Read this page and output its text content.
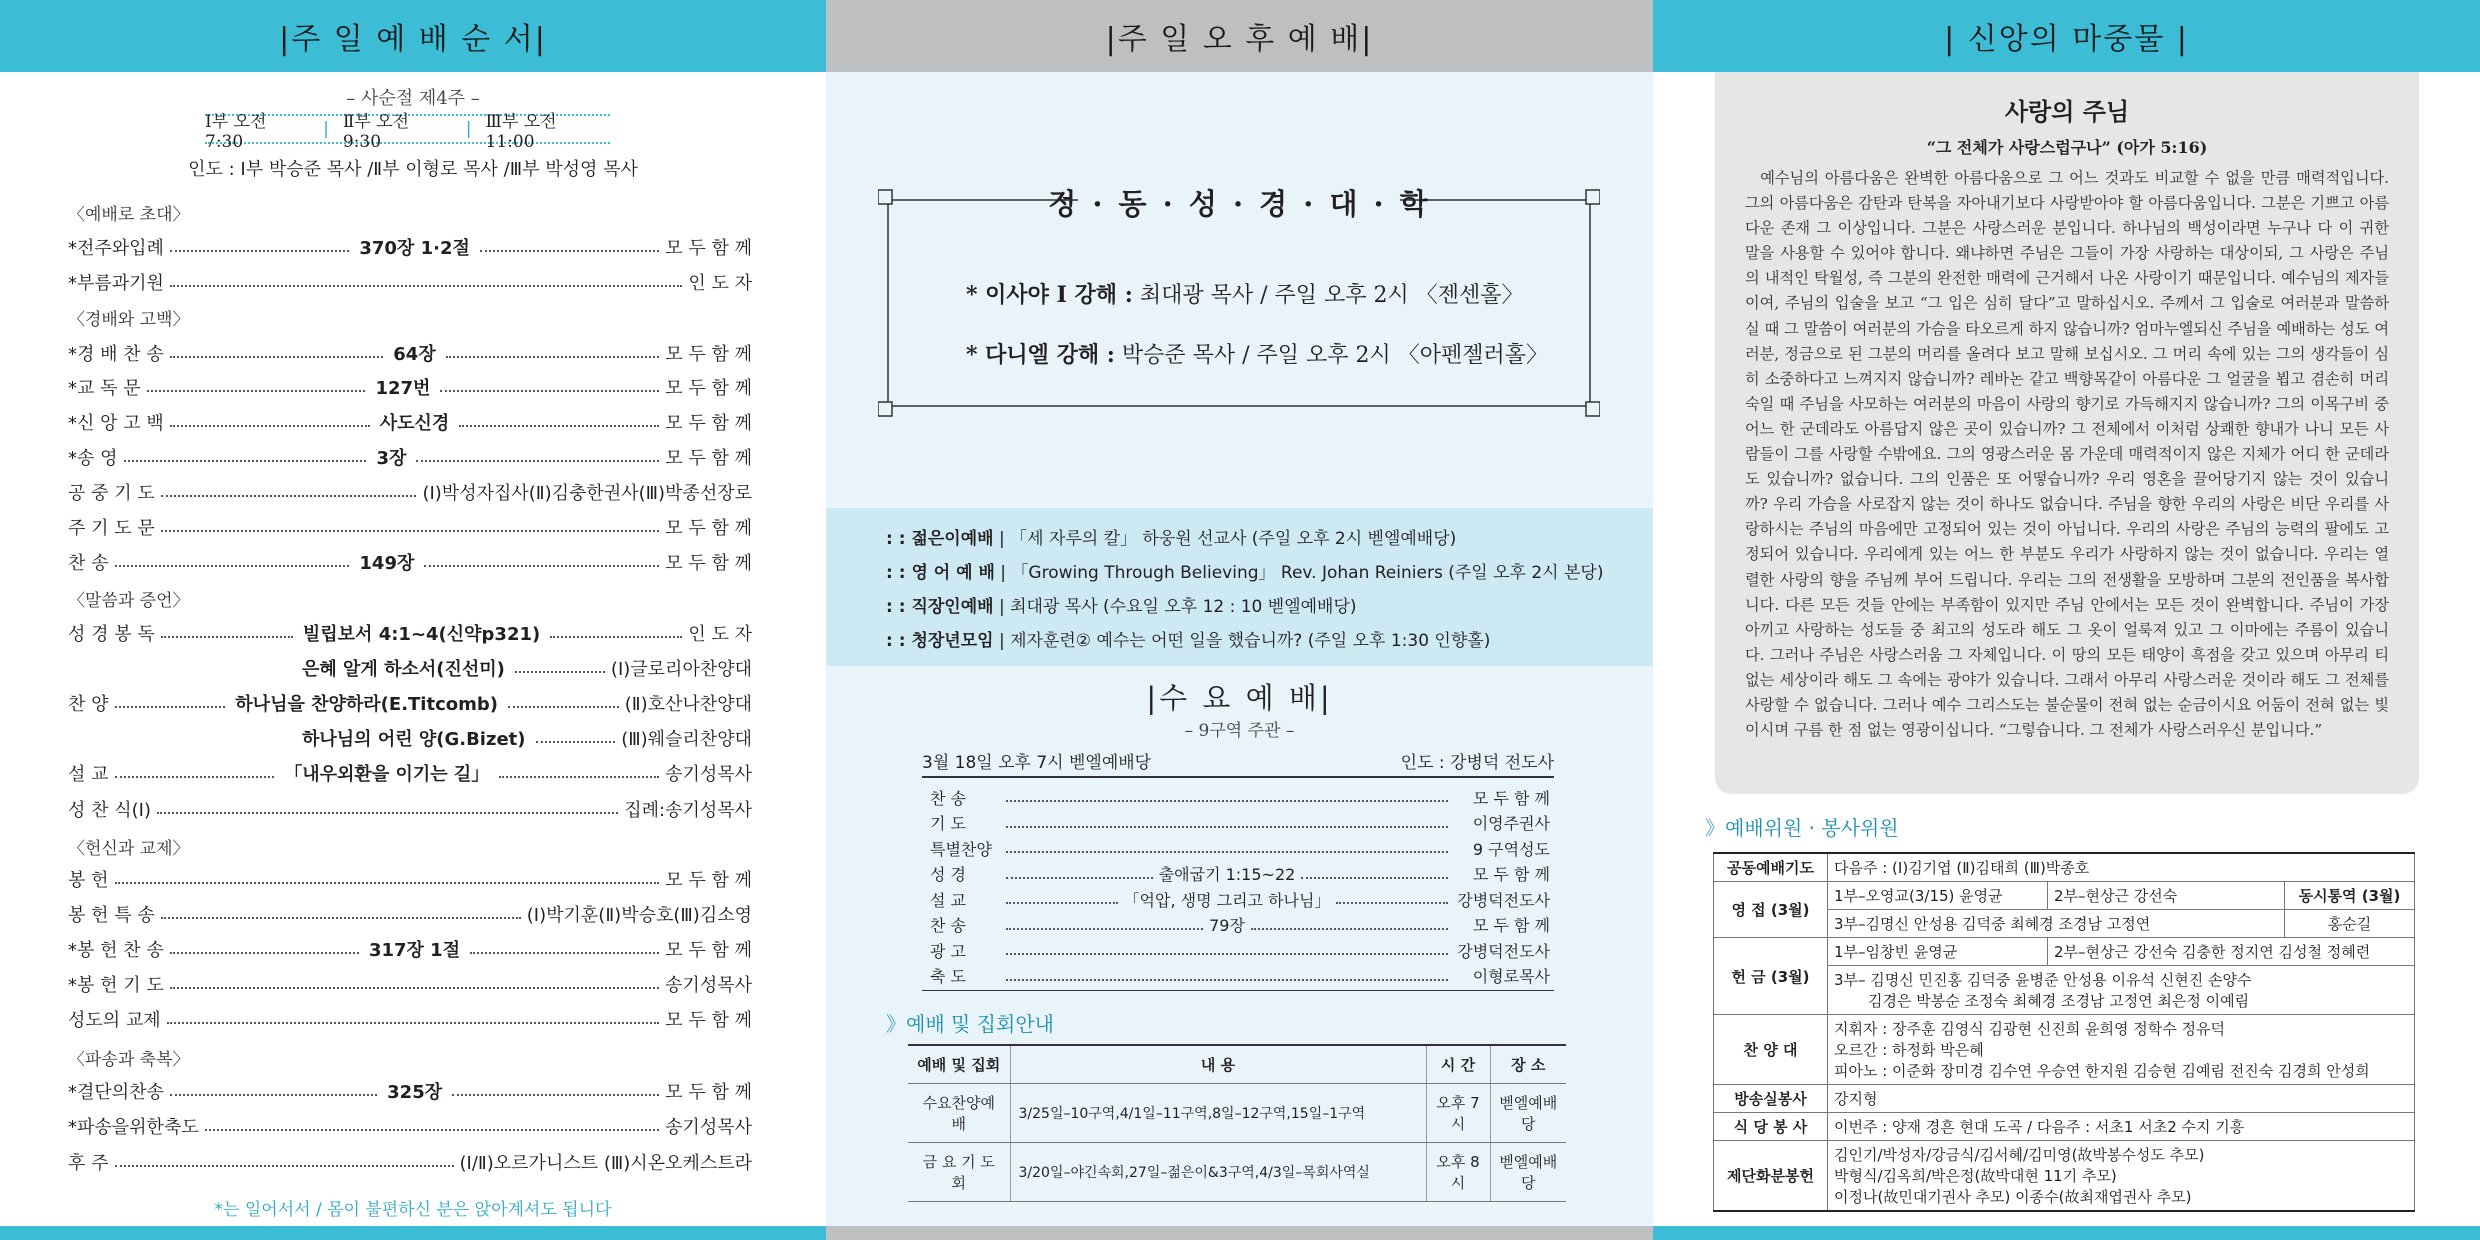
|주 일 예 배 순 서|
– 사순절 제4주 –
Ⅰ부 오전 7:30
| Ⅱ부 오전 9:30
| Ⅲ부 오전 11:00
인도 : Ⅰ부 박승준 목사 /Ⅱ부 이형로 목사 /Ⅲ부 박성영 목사
〈예배로 초대〉
*전주와입례	370장 1·2절	모 두 함 께
*부름과기원	인 도 자
*경 배 찬 송	64장	모 두 함 께
*교 독 문	127번	모 두 함 께
*신 앙 고 백	사도신경	모 두 함 께
*송 영	3장	모 두 함 께
공 중 기 도	(Ⅰ)박성자집사(Ⅱ)김충한권사(Ⅲ)박종선장로
주 기 도 문	모 두 함 께
찬 송	149장	모 두 함 께
성 경 봉 독	빌립보서 4:1~4(신약p321)	인 도 자
은혜 알게 하소서(진선미)	(Ⅰ)글로리아찬양대
찬 양	하나님을 찬양하라(E.Titcomb)	(Ⅱ)호산나찬양대
하나님의 어린 양(G.Bizet)	(Ⅲ)웨슬리찬양대
설 교	「내우외환을 이기는 길」	송기성목사
성 찬 식(Ⅰ)	집례:송기성목사
봉 헌	모 두 함 께
봉 헌 특 송	(Ⅰ)박기훈(Ⅱ)박승호(Ⅲ)김소영
*봉 헌 찬 송	317장 1절	모 두 함 께
*봉 헌 기 도	송기성목사
성도의 교제	모 두 함 께
*결단의찬송	325장	모 두 함 께
*파송을위한축도	송기성목사
후 주	(Ⅰ/Ⅱ)오르가니스트 (Ⅲ)시온오케스트라
〈경배와 고백〉
〈말씀과 증언〉
〈헌신과 교제〉
〈파송과 축복〉
*는 일어서서 / 몸이 불편하신 분은 앉아계셔도 됩니다
|주 일 오 후 예 배|
정 · 동 · 성 · 경 · 대 · 학
* 이사야 Ⅰ 강해 : 최대광 목사 / 주일 오후 2시 〈젠센홀〉
* 다니엘 강해 : 박승준 목사 / 주일 오후 2시 〈아펜젤러홀〉
: : 젊은이예배 | 「세 자루의 칼」 하웅원 선교사 (주일 오후 2시 벧엘예배당)
: : 영 어 예 배 | 「Growing Through Believing」 Rev. Johan Reiniers (주일 오후 2시 본당)
: : 직장인예배 | 최대광 목사 (수요일 오후 12 : 10 벧엘예배당)
: : 청장년모임 | 제자훈련② 예수는 어떤 일을 했습니까? (주일 오후 1:30 인향홀)
|수 요 예 배|
– 9구역 주관 –
3월 18일 오후 7시 벧엘예배당	인도 : 강병덕 전도사
찬 송	모 두 함 께
기 도	이영주권사
특별찬양	9 구역성도
성 경	출애굽기 1:15~22	모 두 함 께
설 교	「억압, 생명 그리고 하나님」	강병덕전도사
찬 송	79장	모 두 함 께
광 고	강병덕전도사
축 도	이형로목사
》예배 및 집회안내
예배 및 집회	내 용	시 간	장 소
수요찬양예배	3/25일–10구역,4/1일–11구역,8일–12구역,15일–1구역	오후 7시	벧엘예배당
금 요 기 도 회	3/20일–야긴속회,27일–젊은이&3구역,4/3일–목회사역실	오후 8시	벧엘예배당
| 신앙의 마중물 |
사랑의 주님
“그 전체가 사랑스럽구나” (아가 5:16)
예수님의 아름다움은 완벽한 아름다움으로 그 어느 것과도 비교할 수 없을 만큼 매력적입니다. 그의 아름다움은 감탄과 탄복을 자아내기보다 사랑받아야 할 아름다움입니다. 그분은 기쁘고 아름다운 존재 그 이상입니다. 그분은 사랑스러운 분입니다. 하나님의 백성이라면 누구나 다 이 귀한 말을 사용할 수 있어야 합니다. 왜냐하면 주님은 그들이 가장 사랑하는 대상이되, 그 사랑은 주님의 내적인 탁월성, 즉 그분의 완전한 매력에 근거해서 나온 사랑이기 때문입니다. 예수님의 제자들이여, 주님의 입술을 보고 “그 입은 심히 달다”고 말하십시오. 주께서 그 입술로 여러분과 말씀하실 때 그 말씀이 여러분의 가슴을 타오르게 하지 않습니까? 엄마누엘되신 주님을 예배하는 성도 여러분, 정금으로 된 그분의 머리를 올려다 보고 말해 보십시오. 그 머리 속에 있는 그의 생각들이 심히 소중하다고 느껴지지 않습니까? 레바논 같고 백향목같이 아름다운 그 얼굴을 뵙고 겸손히 머리 숙일 때 주님을 사모하는 여러분의 마음이 사랑의 향기로 가득해지지 않습니까? 그의 이목구비 중 어느 한 군데라도 아름답지 않은 곳이 있습니까? 그 전체에서 이처럼 상쾌한 향내가 나니 모든 사람들이 그를 사랑할 수밖에요. 그의 영광스러운 몸 가운데 매력적이지 않은 지체가 어디 한 군데라도 있습니까? 없습니다. 그의 인품은 또 어떻습니까? 우리 영혼을 끌어당기지 않는 것이 있습니까? 우리 가슴을 사로잡지 않는 것이 하나도 없습니다. 주님을 향한 우리의 사랑은 비단 우리를 사랑하시는 주님의 마음에만 고정되어 있는 것이 아닙니다. 우리의 사랑은 주님의 능력의 팔에도 고정되어 있습니다. 우리에게 있는 어느 한 부분도 우리가 사랑하지 않는 것이 없습니다. 우리는 열렬한 사랑의 향을 주님께 부어 드립니다. 우리는 그의 전생활을 모방하며 그분의 전인품을 복사합니다. 다른 모든 것들 안에는 부족함이 있지만 주님 안에서는 모든 것이 완벽합니다. 주님이 가장 아끼고 사랑하는 성도들 중 최고의 성도라 해도 그 옷이 얼룩져 있고 그 이마에는 주름이 있습니다. 그러나 주님은 사랑스러움 그 자체입니다. 이 땅의 모든 태양이 흑점을 갖고 있으며 아무리 티없는 세상이라 해도 그 속에는 광야가 있습니다. 그래서 아무리 사랑스러운 것이라 해도 그 전체를 사랑할 수 없습니다. 그러나 예수 그리스도는 불순물이 전혀 없는 순금이시요 어둠이 전혀 없는 빛이시며 구름 한 점 없는 영광이십니다. “그렇습니다. 그 전체가 사랑스러우신 분입니다.”
》예배위원 · 봉사위원
공동예배기도	다음주 : (Ⅰ)김기엽 (Ⅱ)김태희 (Ⅲ)박종호		
영 접 (3월)	1부–오영교(3/15) 윤영균	2부–현상근 강선숙	동시통역 (3월)
	3부–김명신 안성용 김덕중 최혜경 조경남 고정연		홍순길
헌 금 (3월)	1부–임창빈 윤영균	2부–현상근 강선숙 김충한 정지연 김성철 정혜련	

	3부– 김명신 민진홍 김덕중 윤병준 안성용 이유석 신현진 손양수
김경은 박봉순 조정숙 최혜경 조경남 고정연 최은정 이예림		

찬 양 대	지휘자 : 장주훈 김영식 김광현 신진희 윤희영 정학수 정유덕
오르간 : 하정화 박은혜
피아노 : 이준화 장미경 김수연 우승연 한지원 김승현 김예림 전진숙 김경희 안성희		

방송실봉사	강지형		
식 당 봉 사	이번주 : 양재 경흔 현대 도곡 / 다음주 : 서초1 서초2 수지 기흥		
제단화분봉헌	김인기/박성자/강금식/김서혜/김미영(故박봉수성도 추모)
박형식/김옥희/박은정(故박대현 11기 추모)
이정나(故민대기권사 추모) 이종수(故최재엽권사 추모)		
